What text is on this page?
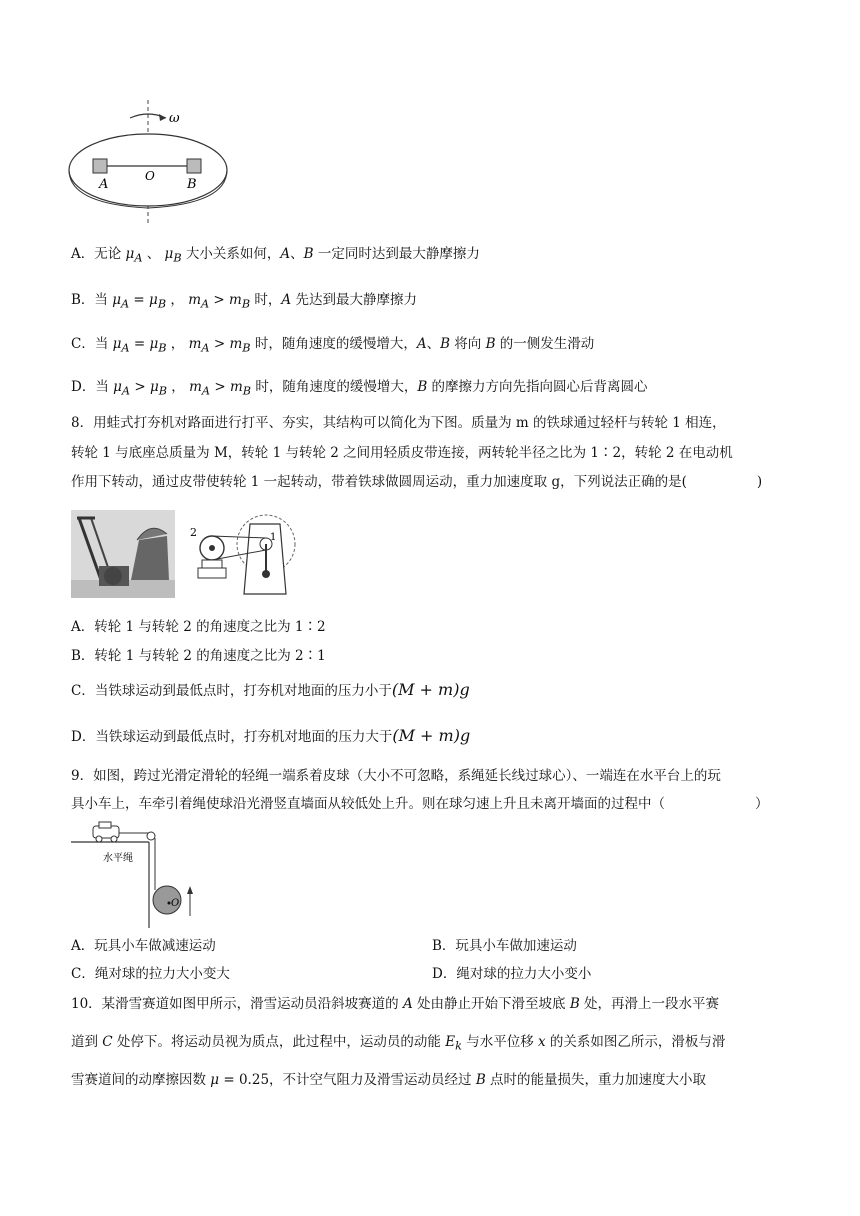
ω
A
O
B
A．无论 $\mu_A$ 、 $\mu_B$ 大小关系如何，A、B 一定同时达到最大静摩擦力
B．当 $\mu_A = \mu_B$ ， $m_A > m_B$ 时，A 先达到最大静摩擦力
C．当 $\mu_A = \mu_B$ ， $m_A > m_B$ 时，随角速度的缓慢增大，A、B 将向 B 的一侧发生滑动
D．当 $\mu_A > \mu_B$ ， $m_A > m_B$ 时，随角速度的缓慢增大，B 的摩擦力方向先指向圆心后背离圆心
8．用蛙式打夯机对路面进行打平、夯实，其结构可以简化为下图。质量为 m 的铁球通过轻杆与转轮 1 相连，
转轮 1 与底座总质量为 M，转轮 1 与转轮 2 之间用轻质皮带连接，两转轮半径之比为 1∶2，转轮 2 在电动机
作用下转动，通过皮带使转轮 1 一起转动，带着铁球做圆周运动，重力加速度取 g，下列说法正确的是(	)
2	1
A．转轮 1 与转轮 2 的角速度之比为 1∶2
B．转轮 1 与转轮 2 的角速度之比为 2∶1
C．当铁球运动到最低点时，打夯机对地面的压力小于(M + m)g
D．当铁球运动到最低点时，打夯机对地面的压力大于(M + m)g
9．如图，跨过光滑定滑轮的轻绳一端系着皮球（大小不可忽略，系绳延长线过球心）、一端连在水平台上的玩
具小车上，车牵引着绳使球沿光滑竖直墙面从较低处上升。则在球匀速上升且未离开墙面的过程中（	）
水平绳
O
A．玩具小车做减速运动	B．玩具小车做加速运动
C．绳对球的拉力大小变大	D．绳对球的拉力大小变小
10．某滑雪赛道如图甲所示，滑雪运动员沿斜坡赛道的 A 处由静止开始下滑至坡底 B 处，再滑上一段水平赛
道到 C 处停下。将运动员视为质点，此过程中，运动员的动能 $E_k$ 与水平位移 x 的关系如图乙所示，滑板与滑
雪赛道间的动摩擦因数 μ = 0.25，不计空气阻力及滑雪运动员经过 B 点时的能量损失，重力加速度大小取
